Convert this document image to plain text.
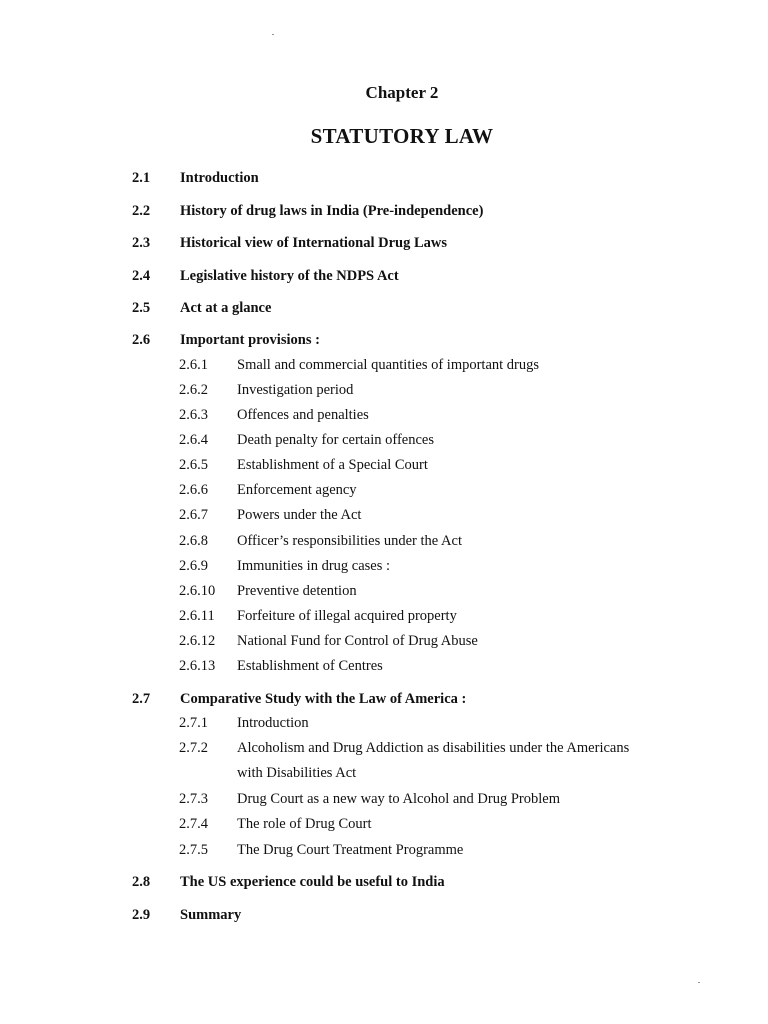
Chapter 2
STATUTORY LAW
2.1 Introduction
2.2 History of drug laws in India (Pre-independence)
2.3 Historical view of International Drug Laws
2.4 Legislative history of the NDPS Act
2.5 Act at a glance
2.6 Important provisions :
2.6.1 Small and commercial quantities of important drugs
2.6.2 Investigation period
2.6.3 Offences and penalties
2.6.4 Death penalty for certain offences
2.6.5 Establishment of a Special Court
2.6.6 Enforcement agency
2.6.7 Powers under the Act
2.6.8 Officer’s responsibilities under the Act
2.6.9 Immunities in drug cases :
2.6.10 Preventive detention
2.6.11 Forfeiture of illegal acquired property
2.6.12 National Fund for Control of Drug Abuse
2.6.13 Establishment of Centres
2.7 Comparative Study with the Law of America :
2.7.1 Introduction
2.7.2 Alcoholism and Drug Addiction as disabilities under the Americans
with Disabilities Act
2.7.3 Drug Court as a new way to Alcohol and Drug Problem
2.7.4 The role of Drug Court
2.7.5 The Drug Court Treatment Programme
2.8 The US experience could be useful to India
2.9 Summary
